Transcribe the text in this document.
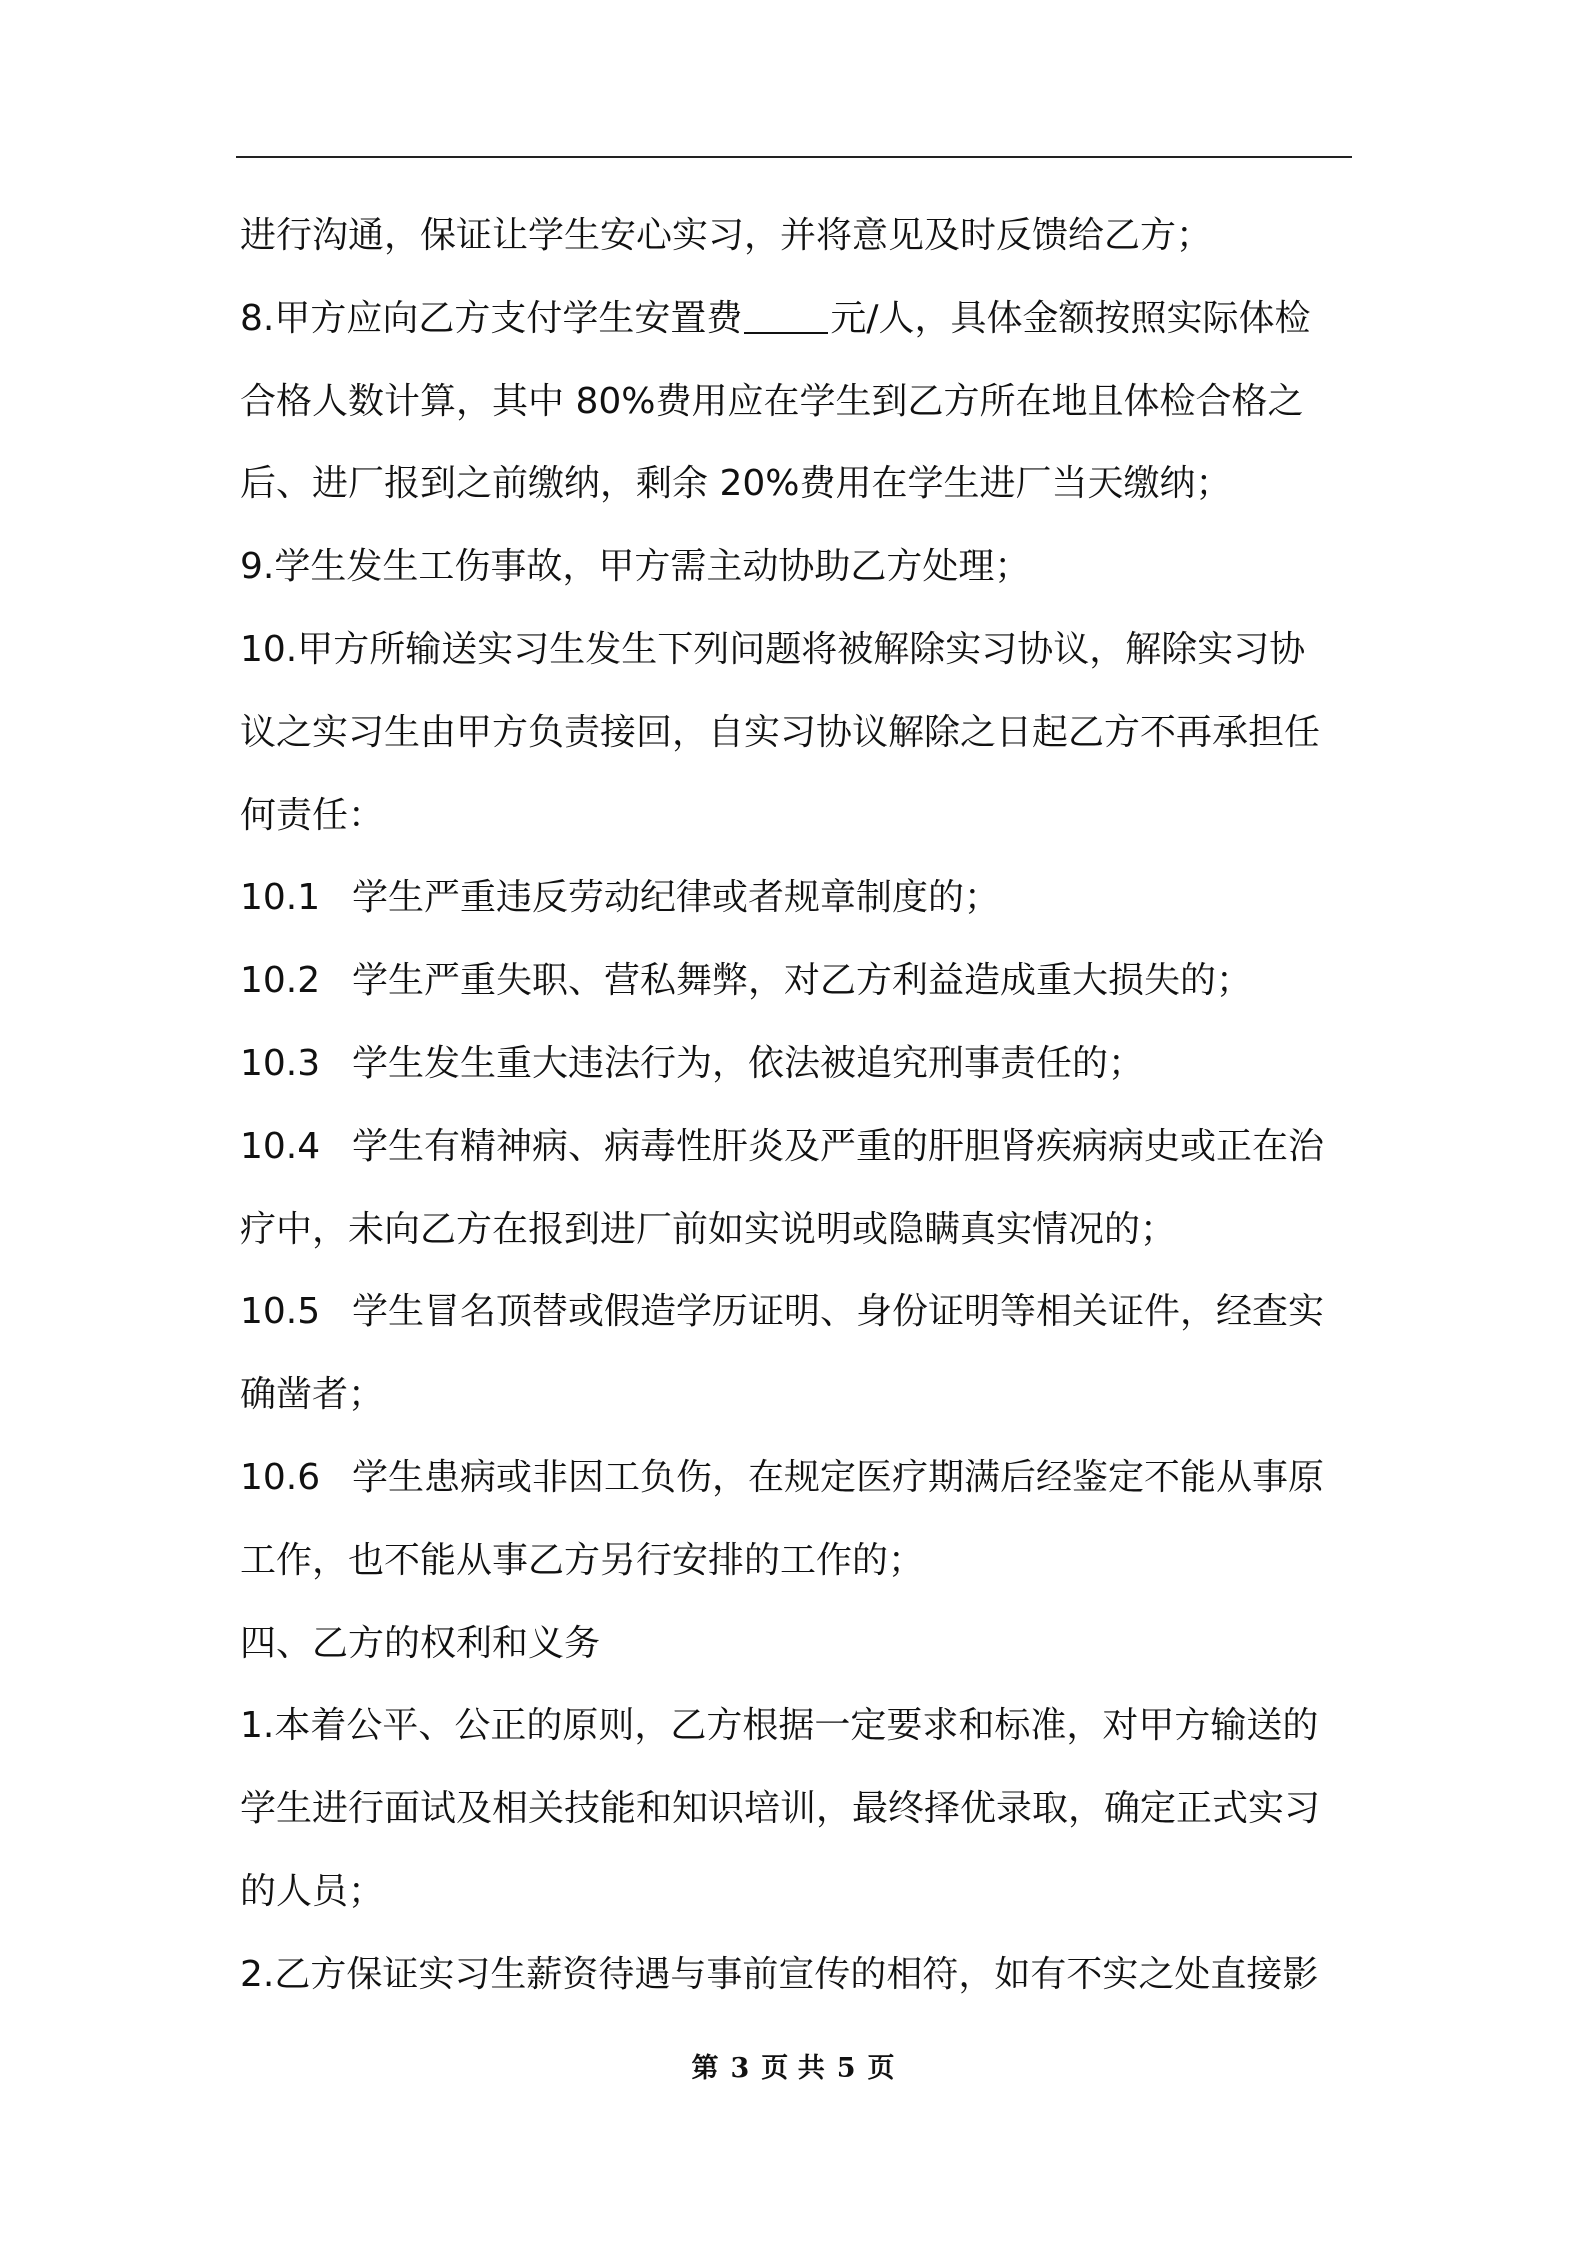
进行沟通，保证让学生安心实习，并将意见及时反馈给乙方；
8.甲方应向乙方支付学生安置费 元/人，具体金额按照实际体检
合格人数计算，其中 80%费用应在学生到乙方所在地且体检合格之
后、进厂报到之前缴纳，剩余 20%费用在学生进厂当天缴纳；
9.学生发生工伤事故，甲方需主动协助乙方处理；
10.甲方所输送实习生发生下列问题将被解除实习协议，解除实习协
议之实习生由甲方负责接回，自实习协议解除之日起乙方不再承担任
何责任：
10.1 学生严重违反劳动纪律或者规章制度的；
10.2 学生严重失职、营私舞弊，对乙方利益造成重大损失的；
10.3 学生发生重大违法行为，依法被追究刑事责任的；
10.4 学生有精神病、病毒性肝炎及严重的肝胆肾疾病病史或正在治
疗中，未向乙方在报到进厂前如实说明或隐瞒真实情况的；
10.5 学生冒名顶替或假造学历证明、身份证明等相关证件，经查实
确凿者；
10.6 学生患病或非因工负伤，在规定医疗期满后经鉴定不能从事原
工作，也不能从事乙方另行安排的工作的；
四、乙方的权利和义务
1.本着公平、公正的原则，乙方根据一定要求和标准，对甲方输送的
学生进行面试及相关技能和知识培训，最终择优录取，确定正式实习
的人员；
2.乙方保证实习生薪资待遇与事前宣传的相符，如有不实之处直接影
第 3 页 共 5 页
